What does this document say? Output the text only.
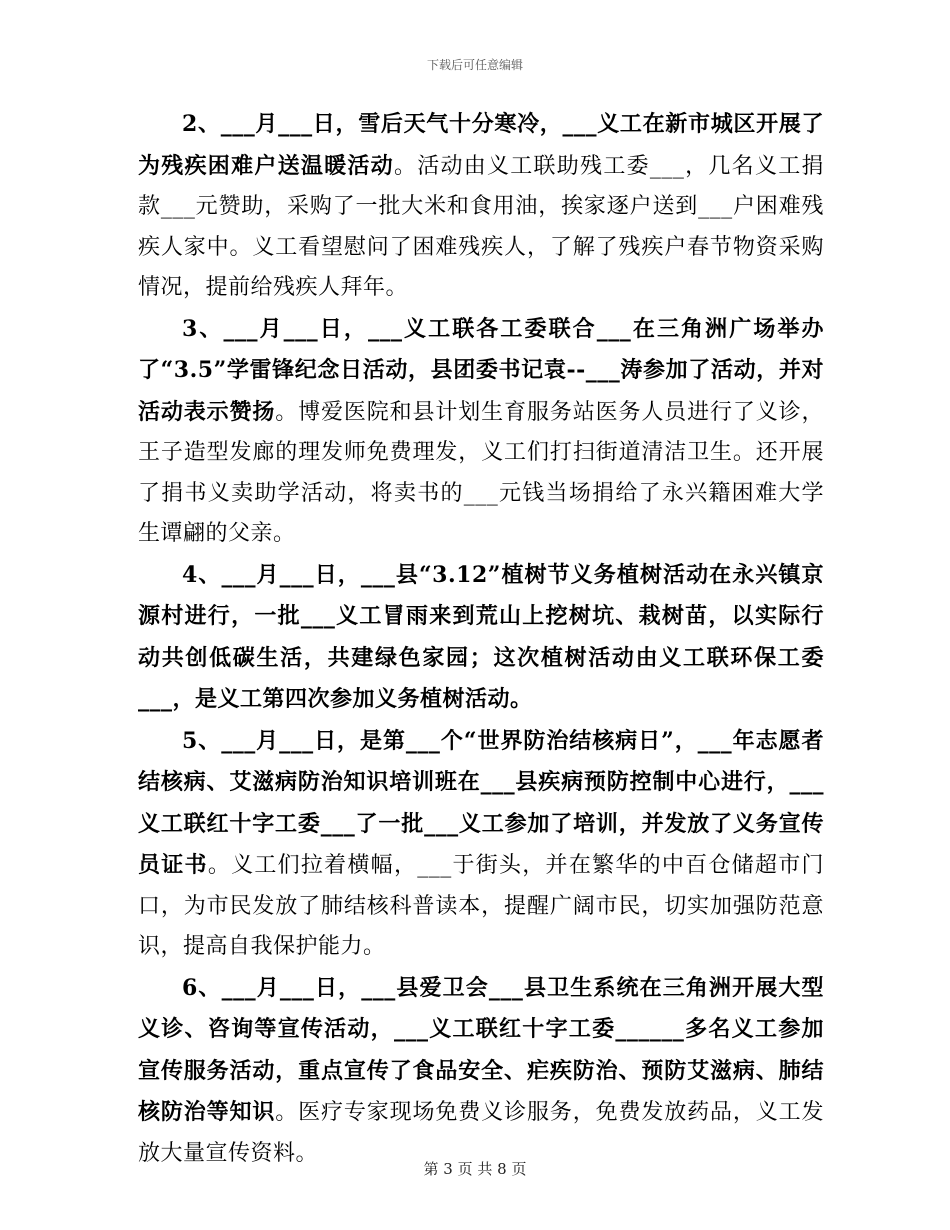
下载后可任意编辑

2、___月___日，雪后天气十分寒冷，___义工在新市城区开展了为残疾困难户送温暖活动。活动由义工联助残工委___，几名义工捐款___元赞助，采购了一批大米和食用油，挨家逐户送到___户困难残疾人家中。义工看望慰问了困难残疾人，了解了残疾户春节物资采购情况，提前给残疾人拜年。

3、___月___日，___义工联各工委联合___在三角洲广场举办了“3.5”学雷锋纪念日活动，县团委书记袁--___涛参加了活动，并对活动表示赞扬。博爱医院和县计划生育服务站医务人员进行了义诊，王子造型发廊的理发师免费理发，义工们打扫街道清洁卫生。还开展了捐书义卖助学活动，将卖书的___元钱当场捐给了永兴籍困难大学生谭翩的父亲。

4、___月___日，___县“3.12”植树节义务植树活动在永兴镇京源村进行，一批___义工冒雨来到荒山上挖树坑、栽树苗，以实际行动共创低碳生活，共建绿色家园；这次植树活动由义工联环保工委___，是义工第四次参加义务植树活动。

5、___月___日，是第___个“世界防治结核病日”，___年志愿者结核病、艾滋病防治知识培训班在___县疾病预防控制中心进行，___义工联红十字工委___了一批___义工参加了培训，并发放了义务宣传员证书。义工们拉着横幅，___于街头，并在繁华的中百仓储超市门口，为市民发放了肺结核科普读本，提醒广阔市民，切实加强防范意识，提高自我保护能力。

6、___月___日，___县爱卫会___县卫生系统在三角洲开展大型义诊、咨询等宣传活动，___义工联红十字工委______多名义工参加宣传服务活动，重点宣传了食品安全、疟疾防治、预防艾滋病、肺结核防治等知识。医疗专家现场免费义诊服务，免费发放药品，义工发放大量宣传资料。

第 3 页 共 8 页
